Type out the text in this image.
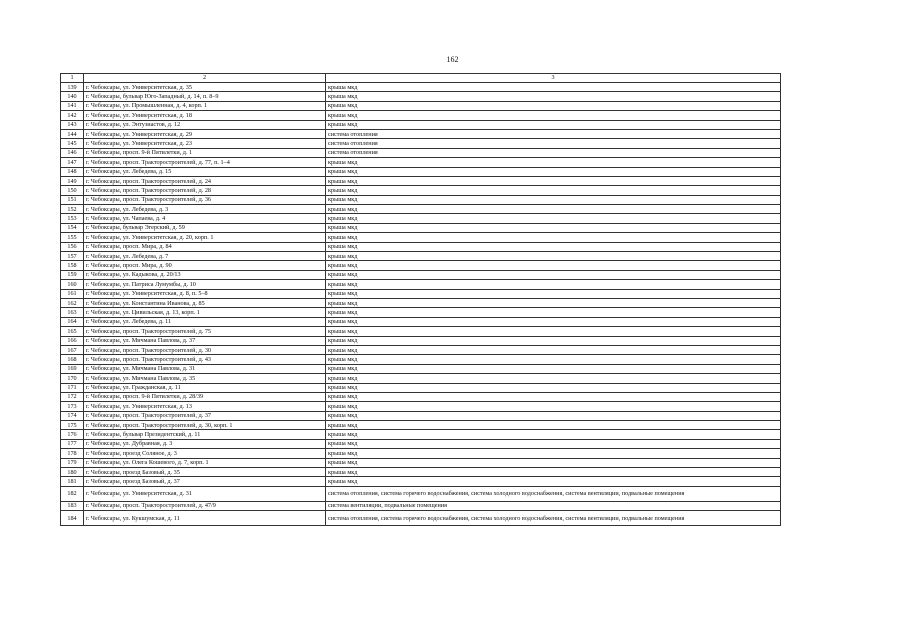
162
1	2	3
139	г. Чебоксары, ул. Университетская, д. 35	крыша мкд
140	г. Чебоксары, бульвар Юго-Западный, д. 14, п. 8–9	крыша мкд
141	г. Чебоксары, ул. Промышленная, д. 4, корп. 1	крыша мкд
142	г. Чебоксары, ул. Университетская, д. 18	крыша мкд
143	г. Чебоксары, ул. Энтузиастов, д. 12	крыша мкд
144	г. Чебоксары, ул. Университетская, д. 29	система отопления
145	г. Чебоксары, ул. Университетская, д. 23	система отопления
146	г. Чебоксары, просп. 9-й Пятилетки, д. 1	система отопления
147	г. Чебоксары, просп. Тракторостроителей, д. 77, п. 1–4	крыша мкд
148	г. Чебоксары, ул. Лебедева, д. 15	крыша мкд
149	г. Чебоксары, просп. Тракторостроителей, д. 24	крыша мкд
150	г. Чебоксары, просп. Тракторостроителей, д. 28	крыша мкд
151	г. Чебоксары, просп. Тракторостроителей, д. 36	крыша мкд
152	г. Чебоксары, ул. Лебедева, д. 3	крыша мкд
153	г. Чебоксары, ул. Чапаева, д. 4	крыша мкд
154	г. Чебоксары, бульвар Эгерский, д. 59	крыша мкд
155	г. Чебоксары, ул. Университетская, д. 20, корп. 1	крыша мкд
156	г. Чебоксары, просп. Мира, д. 84	крыша мкд
157	г. Чебоксары, ул. Лебедева, д. 7	крыша мкд
158	г. Чебоксары, просп. Мира, д. 90	крыша мкд
159	г. Чебоксары, ул. Кадыкова, д. 20/13	крыша мкд
160	г. Чебоксары, ул. Патриса Лумумбы, д. 10	крыша мкд
161	г. Чебоксары, ул. Университетская, д. 8, п. 5–8	крыша мкд
162	г. Чебоксары, ул. Константина Иванова, д. 85	крыша мкд
163	г. Чебоксары, ул. Цивильская, д. 13, корп. 1	крыша мкд
164	г. Чебоксары, ул. Лебедева, д. 11	крыша мкд
165	г. Чебоксары, просп. Тракторостроителей, д. 75	крыша мкд
166	г. Чебоксары, ул. Мичмана Павлова, д. 37	крыша мкд
167	г. Чебоксары, просп. Тракторостроителей, д. 30	крыша мкд
168	г. Чебоксары, просп. Тракторостроителей, д. 43	крыша мкд
169	г. Чебоксары, ул. Мичмана Павлова, д. 31	крыша мкд
170	г. Чебоксары, ул. Мичмана Павлова, д. 35	крыша мкд
171	г. Чебоксары, ул. Гражданская, д. 11	крыша мкд
172	г. Чебоксары, просп. 9-й Пятилетки, д. 28/39	крыша мкд
173	г. Чебоксары, ул. Университетская, д. 13	крыша мкд
174	г. Чебоксары, просп. Тракторостроителей, д. 37	крыша мкд
175	г. Чебоксары, просп. Тракторостроителей, д. 30, корп. 1	крыша мкд
176	г. Чебоксары, бульвар Президентский, д. 11	крыша мкд
177	г. Чебоксары, ул. Дубравная, д. 3	крыша мкд
178	г. Чебоксары, проезд Соляное, д. 3	крыша мкд
179	г. Чебоксары, ул. Олега Кошевого, д. 7, корп. 1	крыша мкд
180	г. Чебоксары, проезд Базовый, д. 35	крыша мкд
181	г. Чебоксары, проезд Базовый, д. 37	крыша мкд
182	г. Чебоксары, ул. Университетская, д. 31	система отопления, система горячего водоснабжения, система холодного водоснабжения, система вентиляции, подвальные помещения
183	г. Чебоксары, просп. Тракторостроителей, д. 47/9	система вентиляции, подвальные помещения
184	г. Чебоксары, ул. Кукшумская, д. 11	система отопления, система горячего водоснабжения, система холодного водоснабжения, система вентиляции, подвальные помещения
